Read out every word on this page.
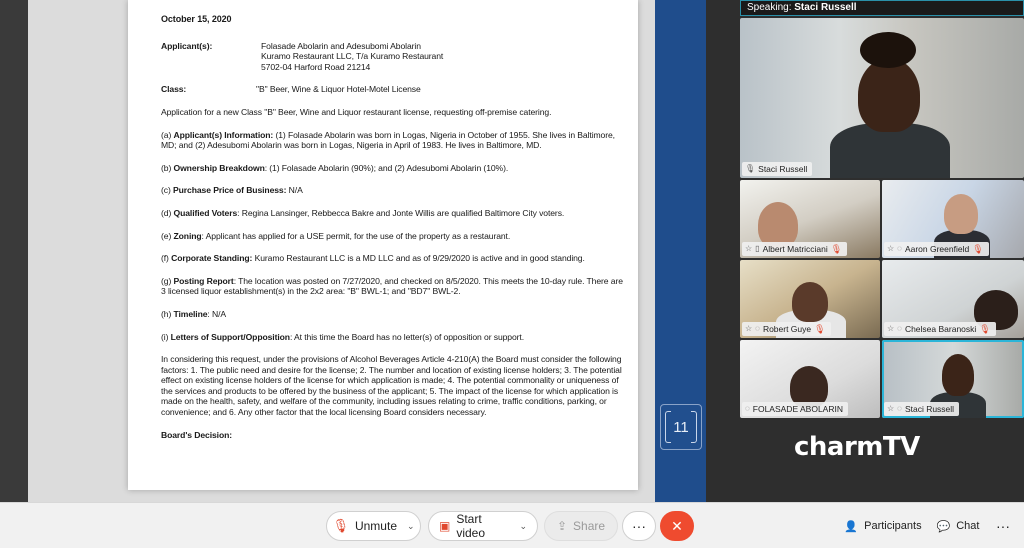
October 15, 2020
Applicant(s):	Folasade Abolarin and Adesubomi Abolarin
Kuramo Restaurant LLC, T/a Kuramo Restaurant
5702-04 Harford Road 21214
Class:	"B" Beer, Wine & Liquor Hotel-Motel License
Application for a new Class "B" Beer, Wine and Liquor restaurant license, requesting off-premise catering.
(a) Applicant(s) Information: (1) Folasade Abolarin was born in Logas, Nigeria in October of 1955. She lives in Baltimore, MD; and (2) Adesubomi Abolarin was born in Logas, Nigeria in April of 1983. He lives in Baltimore, MD.
(b) Ownership Breakdown: (1) Folasade Abolarin (90%); and (2) Adesubomi Abolarin (10%).
(c) Purchase Price of Business: N/A
(d) Qualified Voters: Regina Lansinger, Rebbecca Bakre and Jonte Willis are qualified Baltimore City voters.
(e) Zoning: Applicant has applied for a USE permit, for the use of the property as a restaurant.
(f) Corporate Standing: Kuramo Restaurant LLC is a MD LLC and as of 9/29/2020 is active and in good standing.
(g) Posting Report: The location was posted on 7/27/2020, and checked on 8/5/2020. This meets the 10-day rule. There are 3 licensed liquor establishment(s) in the 2x2 area: "B" BWL-1; and "BD7" BWL-2.
(h) Timeline: N/A
(i) Letters of Support/Opposition: At this time the Board has no letter(s) of opposition or support.
In considering this request, under the provisions of Alcohol Beverages Article 4-210(A) the Board must consider the following factors: 1. The public need and desire for the license; 2. The number and location of existing license holders; 3. The potential effect on existing license holders of the license for which application is made; 4. The potential commonality or uniqueness of the services and products to be offered by the business of the applicant; 5. The impact of the license for which application is made on the health, safety, and welfare of the community, including issues relating to crime, traffic conditions, parking, or convenience; and 6. Any other factor that the local licensing Board considers necessary.
Board's Decision:	11
Speaking: Staci Russell
🎙 Staci Russell
☆ ▯ Albert Matricciani 🎙	☆ ◌ Aaron Greenfield 🎙
☆ ◌ Robert Guye 🎙	☆ ◌ Chelsea Baranoski 🎙
◌ FOLASADE ABOLARIN	☆ ◌ Staci Russell
charmTV
🎙 Unmute ⌄ ▣ Start video
⌄ ⇪ Share	···	✕	👤 Participants 💬 Chat	···
